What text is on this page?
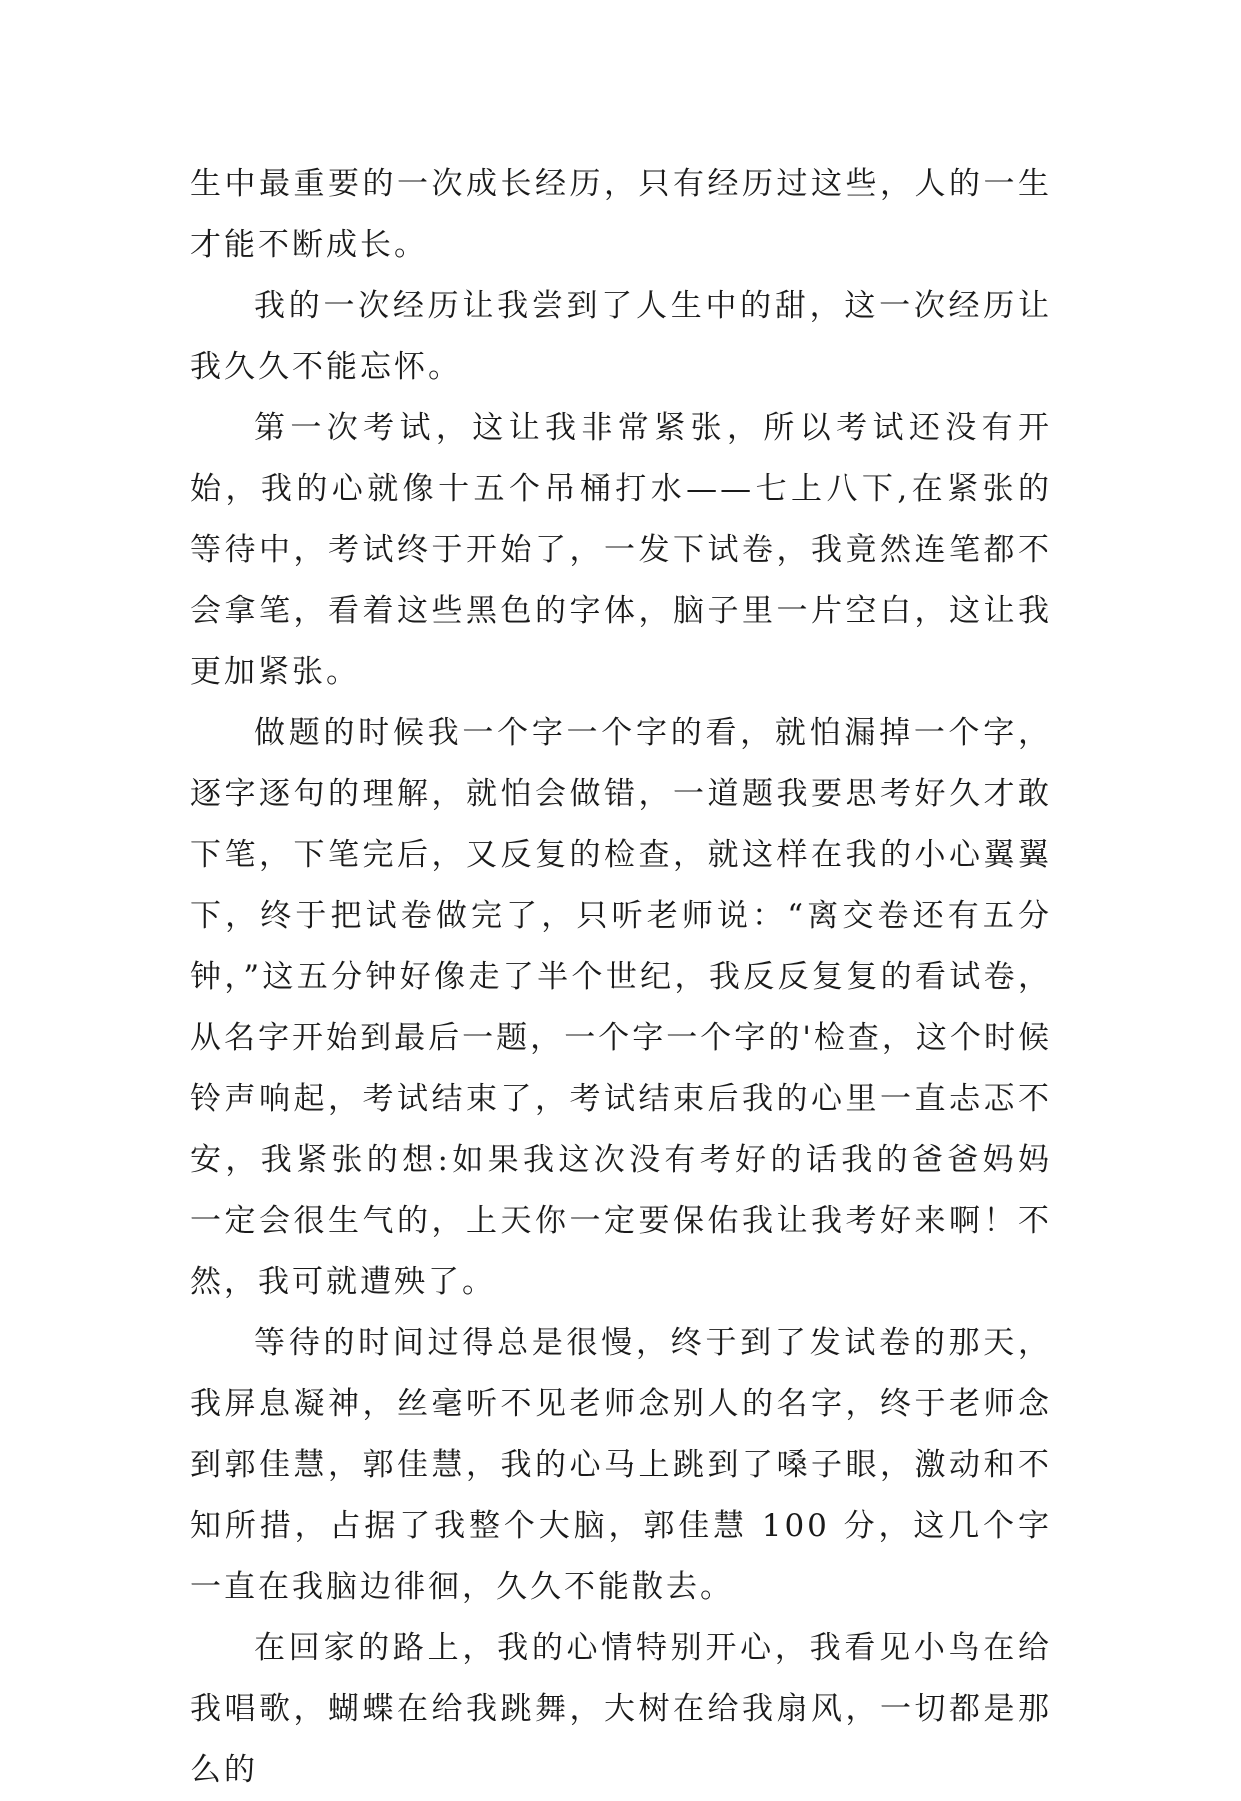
生中最重要的一次成长经历，只有经历过这些，人的一生才能不断成长。

我的一次经历让我尝到了人生中的甜，这一次经历让我久久不能忘怀。

第一次考试，这让我非常紧张，所以考试还没有开始，我的心就像十五个吊桶打水——七上八下,在紧张的等待中，考试终于开始了，一发下试卷，我竟然连笔都不会拿笔，看着这些黑色的字体，脑子里一片空白，这让我更加紧张。

做题的时候我一个字一个字的看，就怕漏掉一个字，逐字逐句的理解，就怕会做错，一道题我要思考好久才敢下笔，下笔完后，又反复的检查，就这样在我的小心翼翼下，终于把试卷做完了，只听老师说：“离交卷还有五分钟，”这五分钟好像走了半个世纪，我反反复复的看试卷，从名字开始到最后一题，一个字一个字的'检查，这个时候铃声响起，考试结束了，考试结束后我的心里一直忐忑不安，我紧张的想:如果我这次没有考好的话我的爸爸妈妈一定会很生气的，上天你一定要保佑我让我考好来啊！不然，我可就遭殃了。

等待的时间过得总是很慢，终于到了发试卷的那天，我屏息凝神，丝毫听不见老师念别人的名字，终于老师念到郭佳慧，郭佳慧，我的心马上跳到了嗓子眼，激动和不知所措，占据了我整个大脑，郭佳慧 100 分，这几个字一直在我脑边徘徊，久久不能散去。

在回家的路上，我的心情特别开心，我看见小鸟在给我唱歌，蝴蝶在给我跳舞，大树在给我扇风，一切都是那么的
